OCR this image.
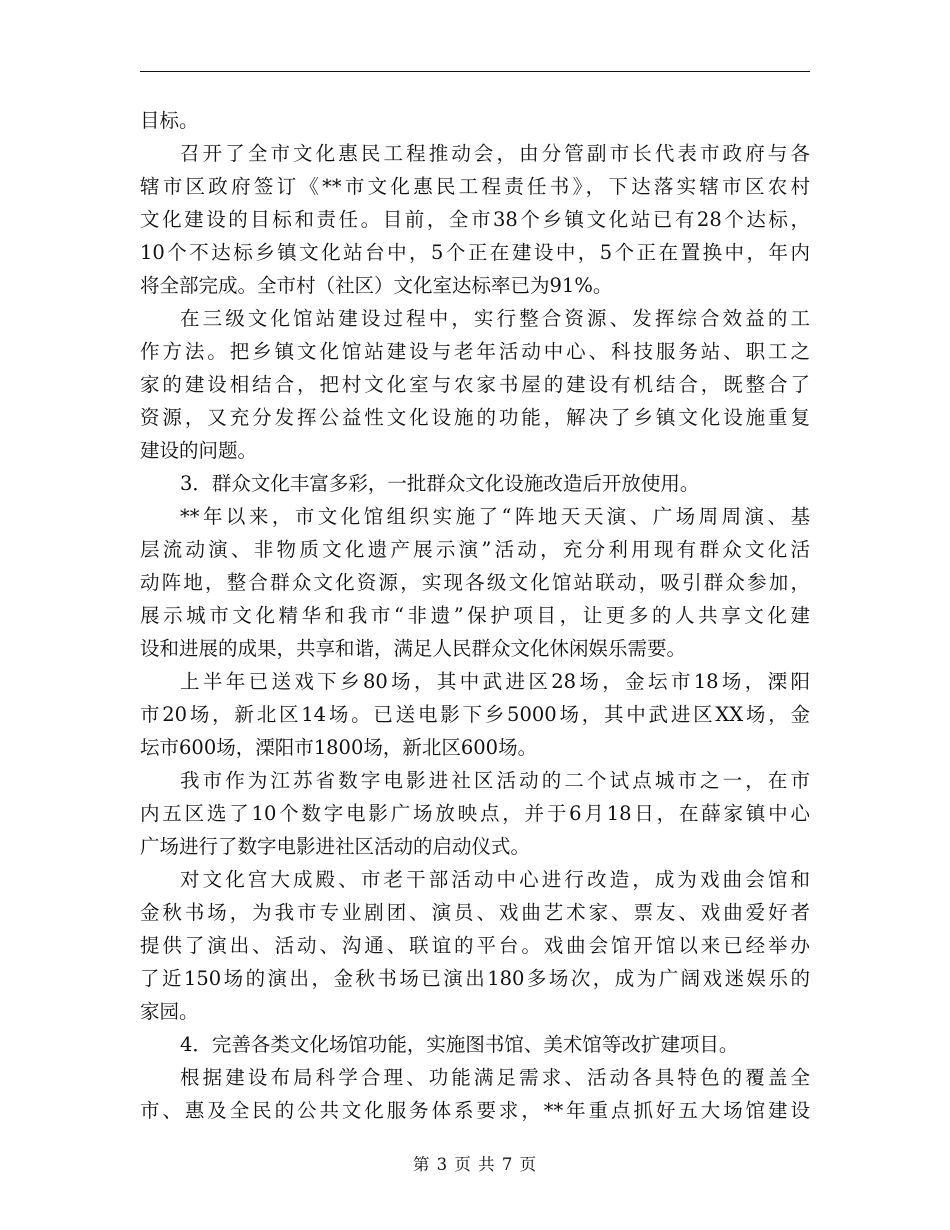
目标。
召开了全市文化惠民工程推动会，由分管副市长代表市政府与各
辖市区政府签订《**市文化惠民工程责任书》，下达落实辖市区农村
文化建设的目标和责任。目前，全市38个乡镇文化站已有28个达标，
10个不达标乡镇文化站台中，5个正在建设中，5个正在置换中，年内
将全部完成。全市村（社区）文化室达标率已为91%。
在三级文化馆站建设过程中，实行整合资源、发挥综合效益的工
作方法。把乡镇文化馆站建设与老年活动中心、科技服务站、职工之
家的建设相结合，把村文化室与农家书屋的建设有机结合，既整合了
资源，又充分发挥公益性文化设施的功能，解决了乡镇文化设施重复
建设的问题。
3．群众文化丰富多彩，一批群众文化设施改造后开放使用。
**年以来，市文化馆组织实施了“阵地天天演、广场周周演、基
层流动演、非物质文化遗产展示演”活动，充分利用现有群众文化活
动阵地，整合群众文化资源，实现各级文化馆站联动，吸引群众参加，
展示城市文化精华和我市“非遗”保护项目，让更多的人共享文化建
设和进展的成果，共享和谐，满足人民群众文化休闲娱乐需要。
上半年已送戏下乡80场，其中武进区28场，金坛市18场，溧阳
市20场，新北区14场。已送电影下乡5000场，其中武进区XX场，金
坛市600场，溧阳市1800场，新北区600场。
我市作为江苏省数字电影进社区活动的二个试点城市之一，在市
内五区选了10个数字电影广场放映点，并于6月18日，在薛家镇中心
广场进行了数字电影进社区活动的启动仪式。
对文化宫大成殿、市老干部活动中心进行改造，成为戏曲会馆和
金秋书场，为我市专业剧团、演员、戏曲艺术家、票友、戏曲爱好者
提供了演出、活动、沟通、联谊的平台。戏曲会馆开馆以来已经举办
了近150场的演出，金秋书场已演出180多场次，成为广阔戏迷娱乐的
家园。
4．完善各类文化场馆功能，实施图书馆、美术馆等改扩建项目。
根据建设布局科学合理、功能满足需求、活动各具特色的覆盖全
市、惠及全民的公共文化服务体系要求，**年重点抓好五大场馆建设
第 3 页 共 7 页
